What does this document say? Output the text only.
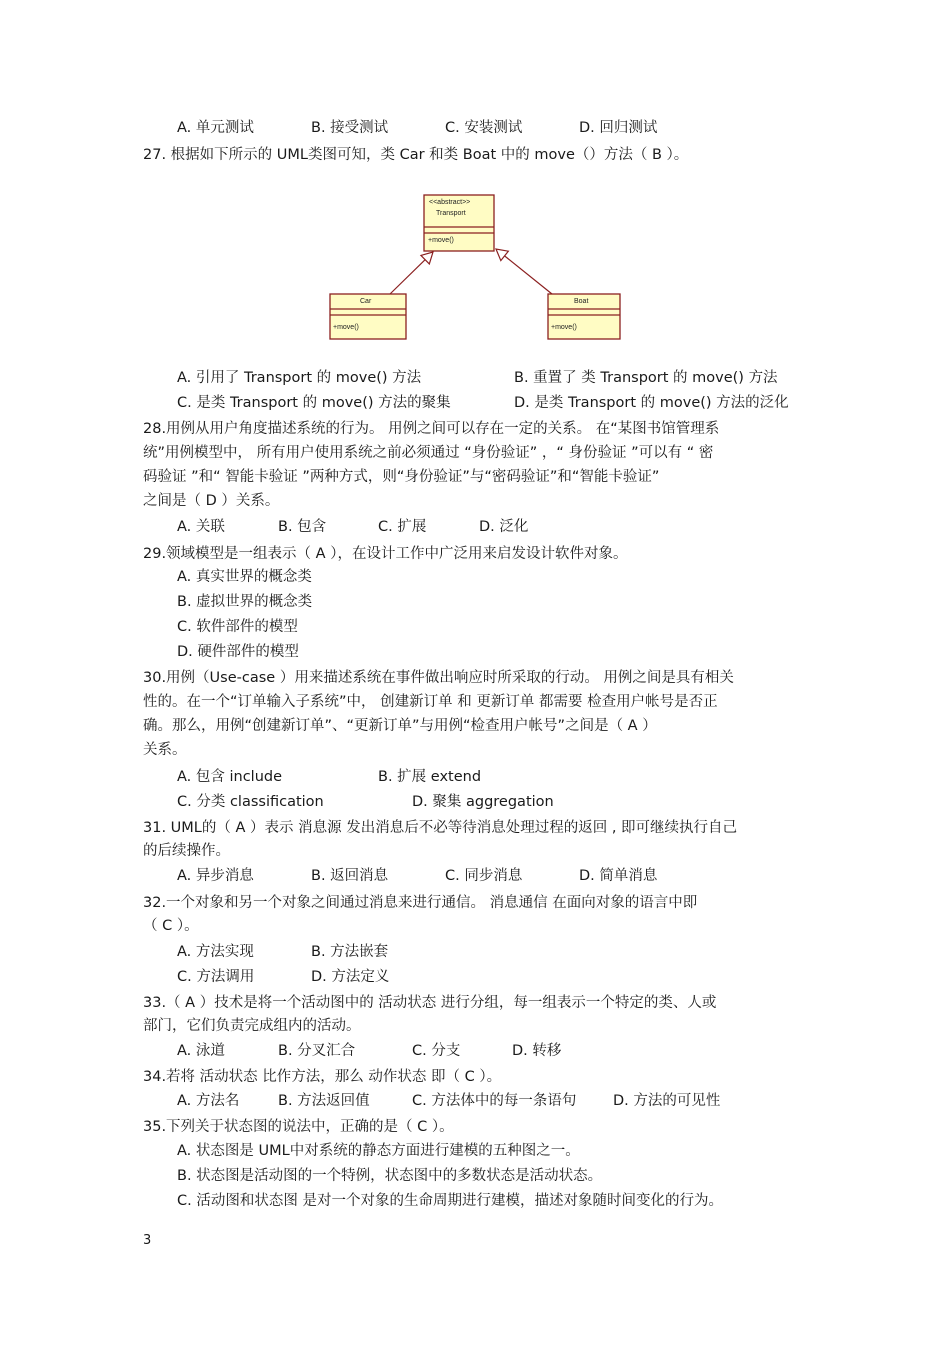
A. 单元测试	B. 接受测试	C. 安装测试	D. 回归测试
27. 根据如下所示的 UML类图可知，类 Car 和类 Boat 中的 move（）方法（ B ）。
<<abstract>>
Transport
+move()
Car
+move()
Boat
+move()
A. 引用了 Transport 的 move() 方法	B. 重置了 类 Transport 的 move() 方法
C. 是类 Transport 的 move() 方法的聚集	D. 是类 Transport 的 move() 方法的泛化
28.用例从用户角度描述系统的行为。 用例之间可以存在一定的关系。 在“某图书馆管理系
统”用例模型中， 所有用户使用系统之前必须通过 “身份验证” ，“ 身份验证 ”可以有 “ 密
码验证 ”和“ 智能卡验证 ”两种方式，则“身份验证”与“密码验证”和“智能卡验证”
之间是（ D ）关系。
A. 关联	B. 包含	C. 扩展	D. 泛化
29.领域模型是一组表示（ A ），在设计工作中广泛用来启发设计软件对象。
A. 真实世界的概念类
B. 虚拟世界的概念类
C. 软件部件的模型
D. 硬件部件的模型
30.用例（Use-case ）用来描述系统在事件做出响应时所采取的行动。 用例之间是具有相关
性的。在一个“订单输入子系统”中， 创建新订单 和 更新订单 都需要 检查用户帐号是否正
确。那么，用例“创建新订单”、“更新订单”与用例“检查用户帐号”之间是（ A ）
关系。
A. 包含 include	B. 扩展 extend
C. 分类 classification	D. 聚集 aggregation
31. UML的（ A ）表示 消息源 发出消息后不必等待消息处理过程的返回 , 即可继续执行自己
的后续操作。
A. 异步消息	B. 返回消息	C. 同步消息	D. 简单消息
32.一个对象和另一个对象之间通过消息来进行通信。 消息通信 在面向对象的语言中即
（ C ）。
A. 方法实现	B. 方法嵌套
C. 方法调用	D. 方法定义
33.（ A ）技术是将一个活动图中的 活动状态 进行分组，每一组表示一个特定的类、人或
部门，它们负责完成组内的活动。
A. 泳道	B. 分叉汇合	C. 分支	D. 转移
34.若将 活动状态 比作方法，那么 动作状态 即（ C ）。
A. 方法名	B. 方法返回值	C. 方法体中的每一条语句	D. 方法的可见性
35.下列关于状态图的说法中，正确的是（ C ）。
A. 状态图是 UML中对系统的静态方面进行建模的五种图之一。
B. 状态图是活动图的一个特例，状态图中的多数状态是活动状态。
C. 活动图和状态图 是对一个对象的生命周期进行建模，描述对象随时间变化的行为。
3
